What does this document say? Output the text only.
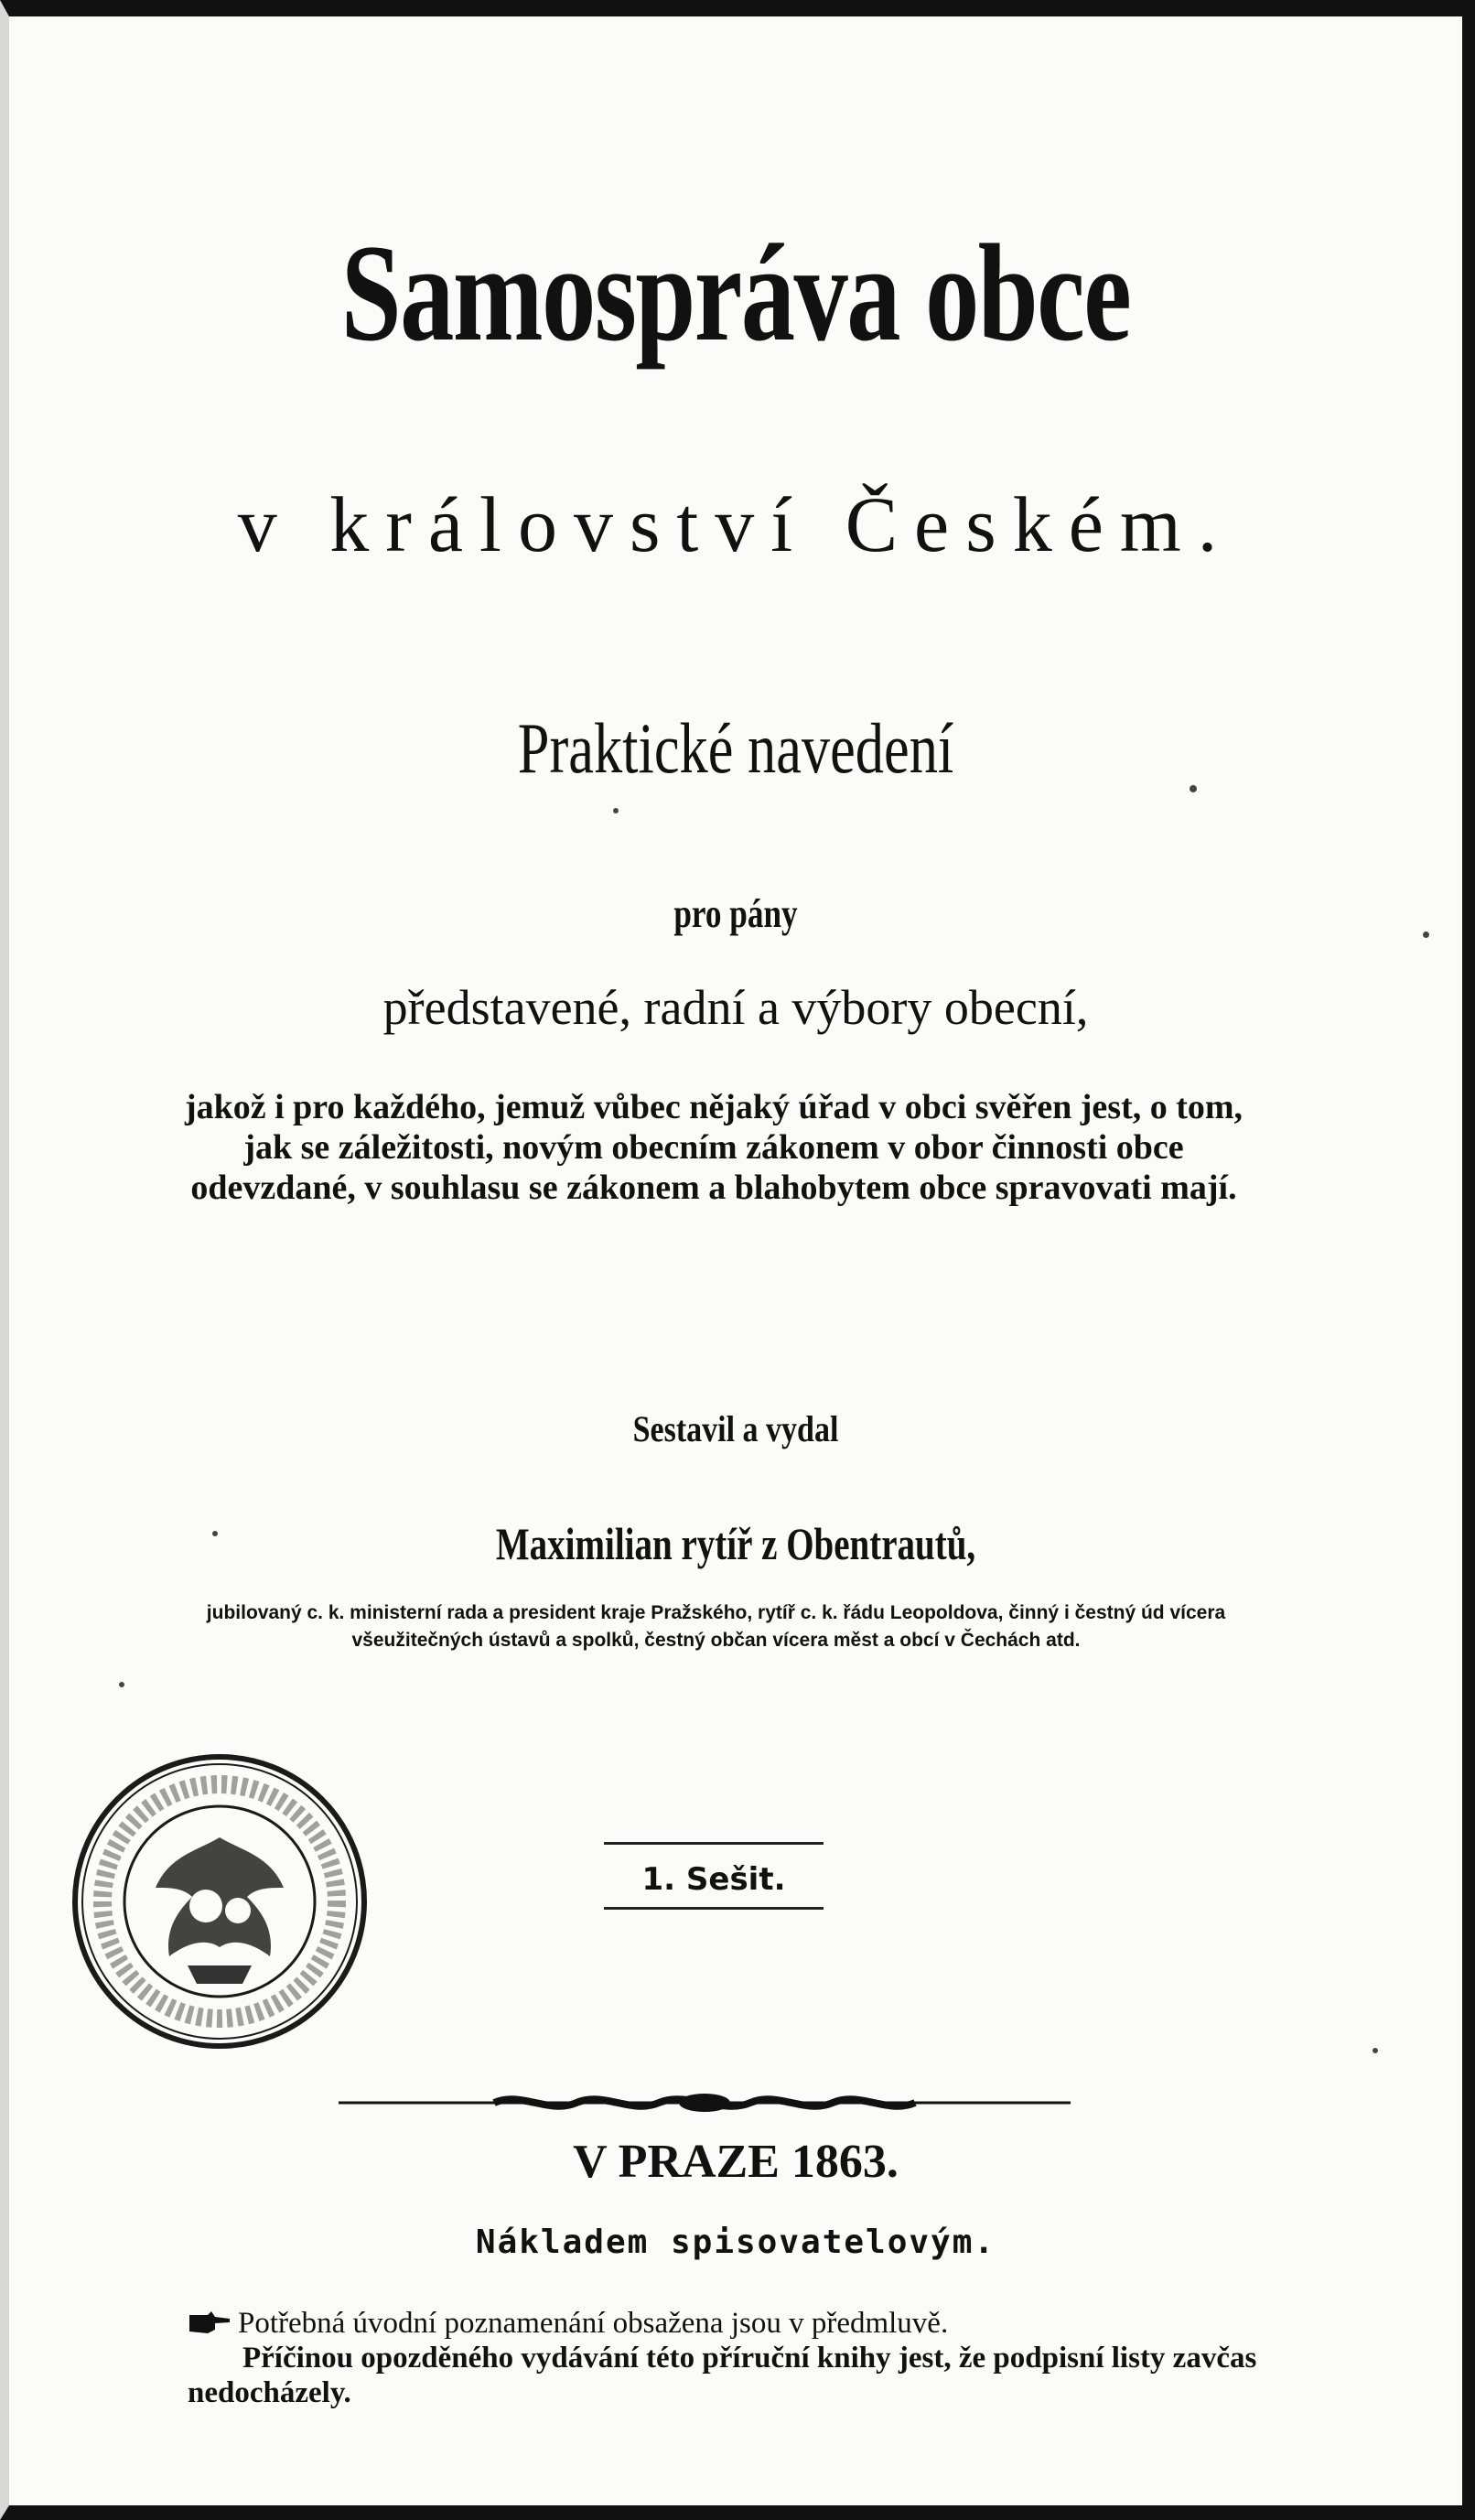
Samospráva obce
v království Českém.
Praktické navedení
pro pány
představené, radní a výbory obecní,
jakož i pro každého, jemuž vůbec nějaký úřad v obci svěřen jest, o tom, jak se záležitosti, novým obecním zákonem v obor činnosti obce odevzdané, v souhlasu se zákonem a blahobytem obce spravovati mají.
Sestavil a vydal
Maximilian rytíř z Obentrautů,
jubilovaný c. k. ministerní rada a president kraje Pražského, rytíř c. k. řádu Leopoldova, činný i čestný úd vícera všeužitečných ústavů a spolků, čestný občan vícera měst a obcí v Čechách atd.
1. Sešit.
V PRAZE 1863.
Nákladem spisovatelovým.
Potřebná úvodní poznamenání obsažena jsou v předmluvě.
Příčinou opozděného vydávání této příruční knihy jest, že podpisní listy zavčas nedocházely.
